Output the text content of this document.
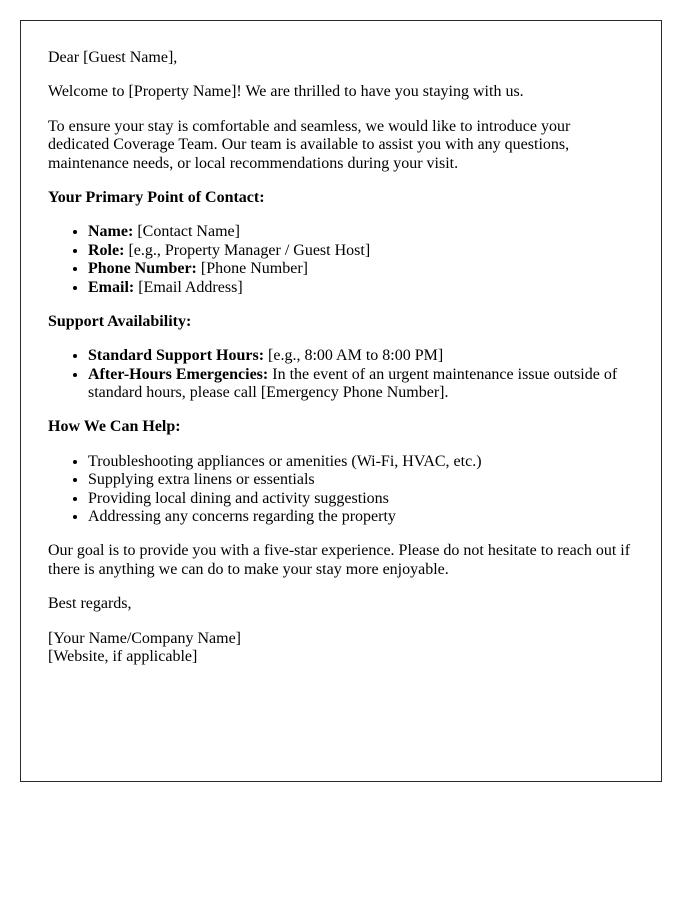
Dear [Guest Name],

Welcome to [Property Name]! We are thrilled to have you staying with us.

To ensure your stay is comfortable and seamless, we would like to introduce your dedicated Coverage Team. Our team is available to assist you with any questions, maintenance needs, or local recommendations during your visit.

Your Primary Point of Contact:

• Name: [Contact Name]
• Role: [e.g., Property Manager / Guest Host]
• Phone Number: [Phone Number]
• Email: [Email Address]

Support Availability:

• Standard Support Hours: [e.g., 8:00 AM to 8:00 PM]
• After-Hours Emergencies: In the event of an urgent maintenance issue outside of standard hours, please call [Emergency Phone Number].

How We Can Help:

• Troubleshooting appliances or amenities (Wi-Fi, HVAC, etc.)
• Supplying extra linens or essentials
• Providing local dining and activity suggestions
• Addressing any concerns regarding the property

Our goal is to provide you with a five-star experience. Please do not hesitate to reach out if there is anything we can do to make your stay more enjoyable.

Best regards,

[Your Name/Company Name]
[Website, if applicable]
